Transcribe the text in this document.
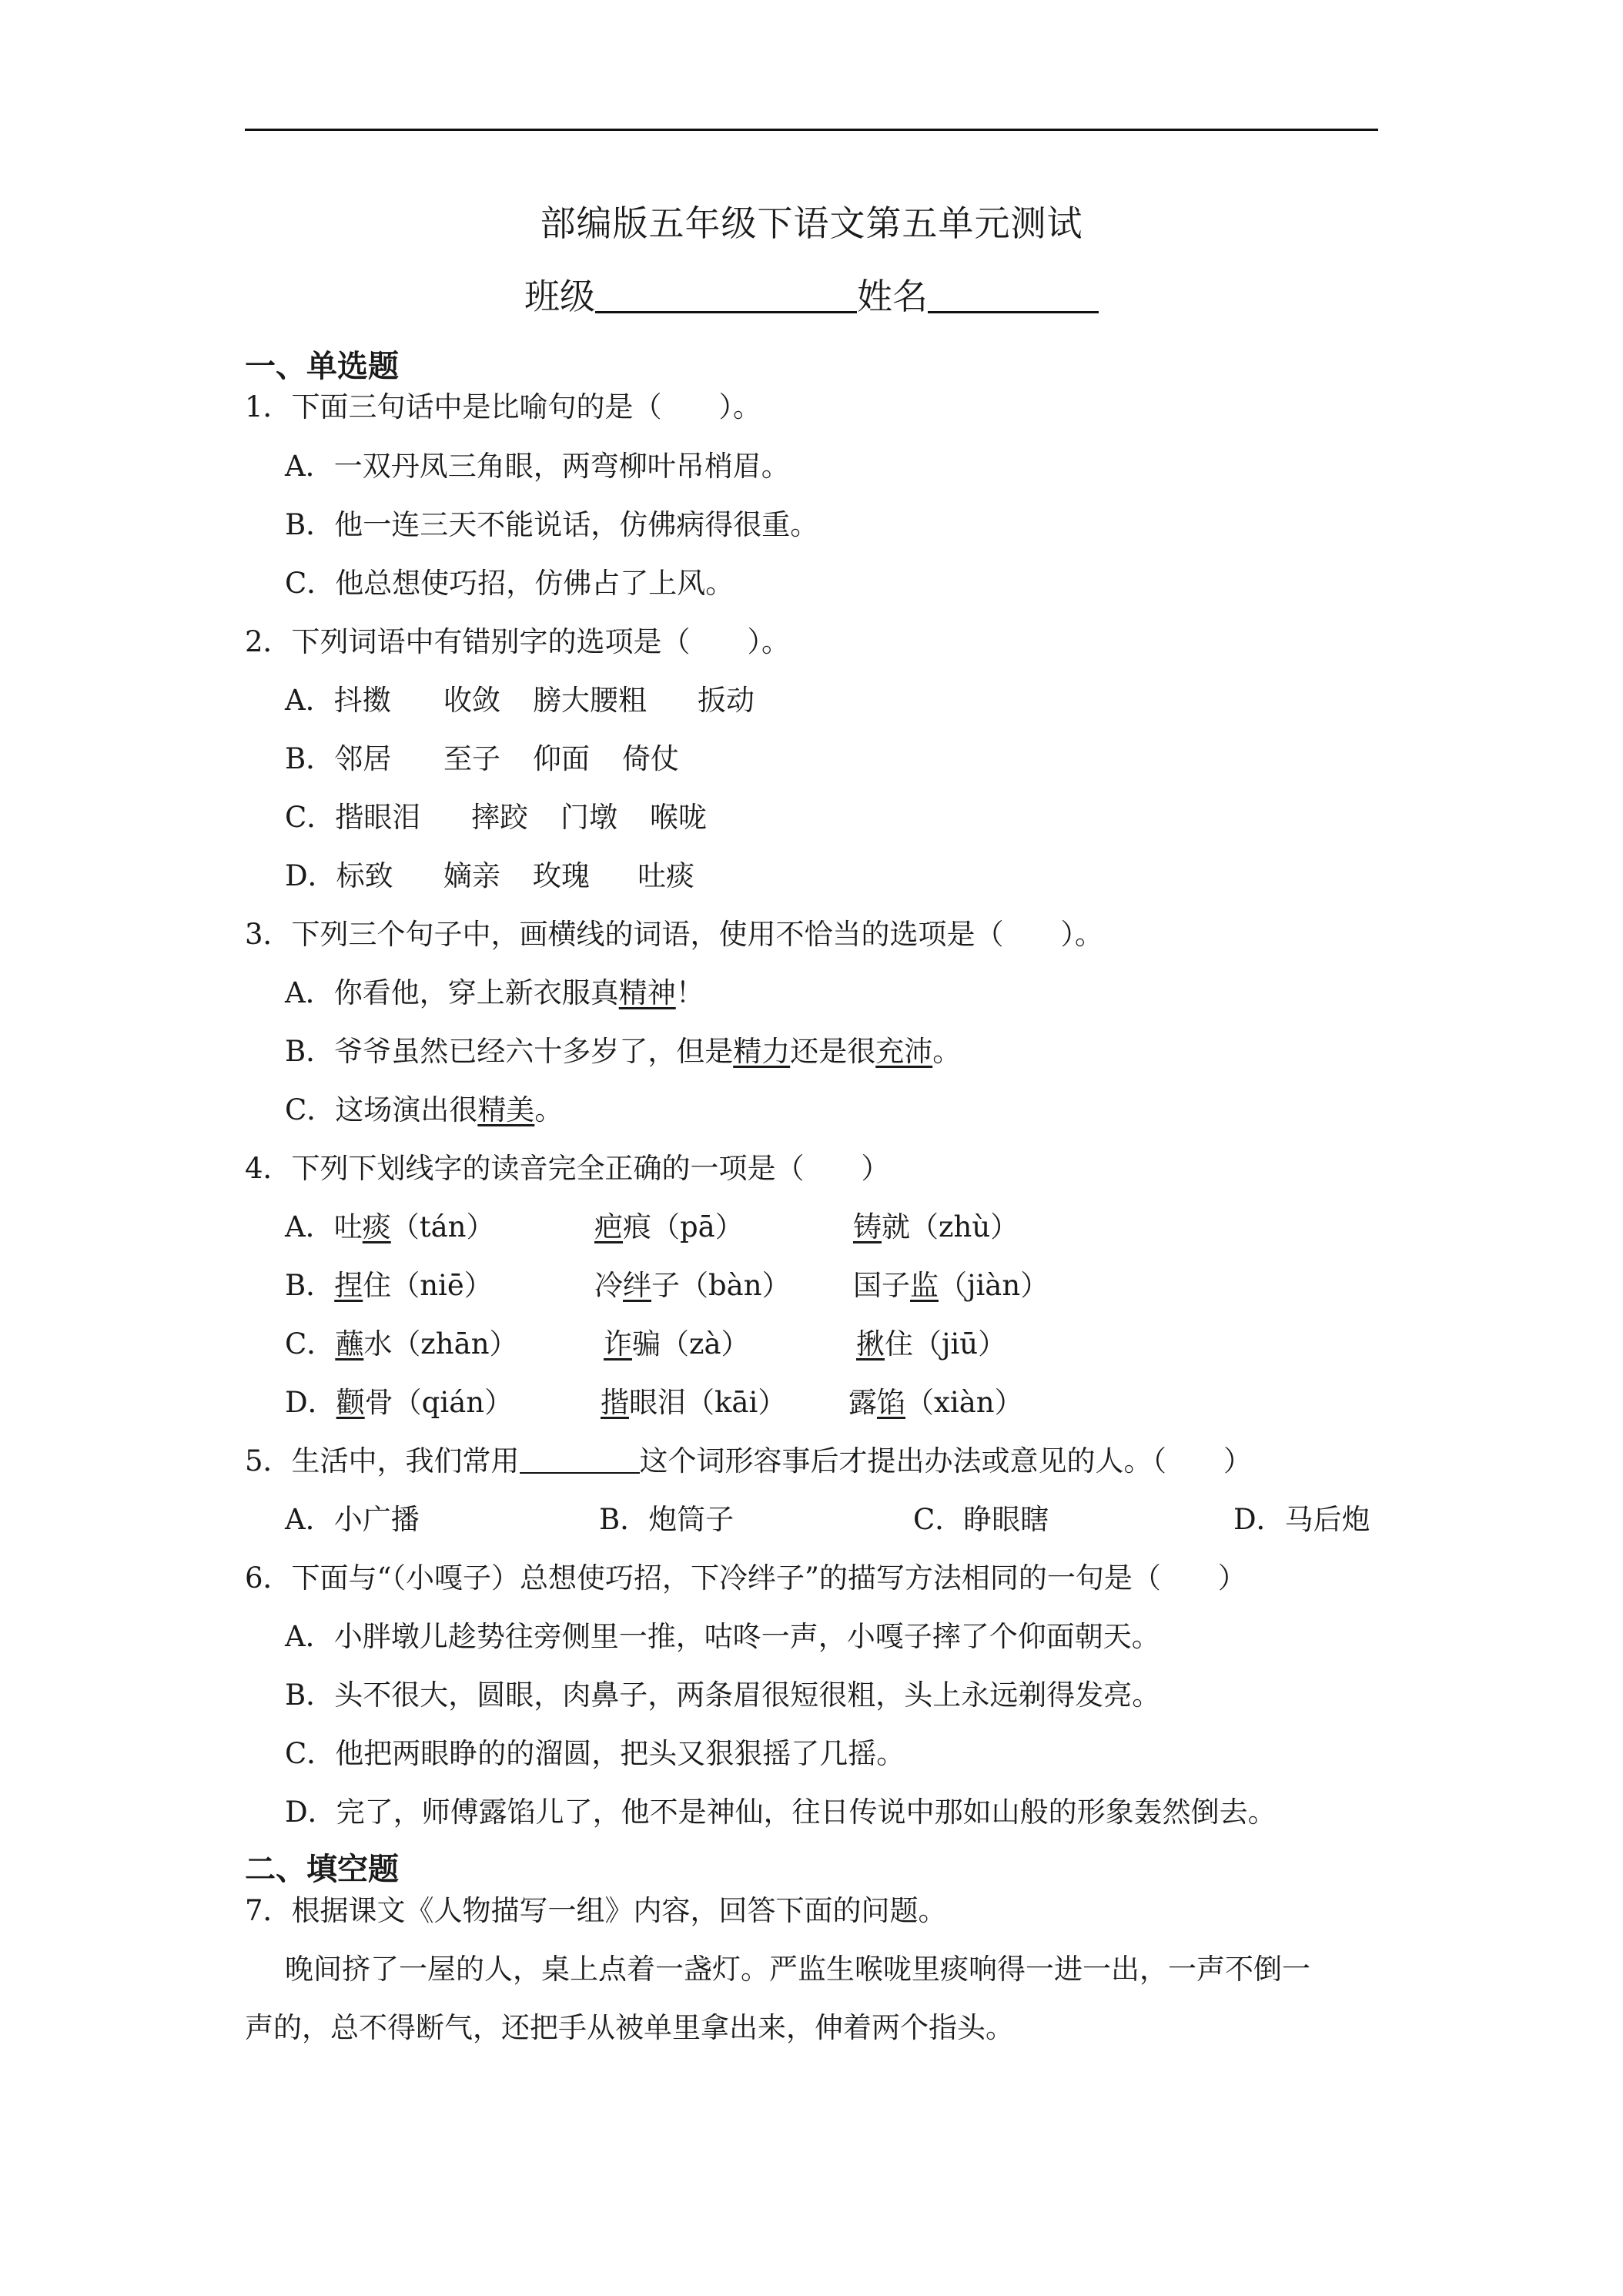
部编版五年级下语文第五单元测试
班级	姓名
一、单选题
1．下面三句话中是比喻句的是（　　）。
A．一双丹凤三角眼，两弯柳叶吊梢眉。
B．他一连三天不能说话，仿佛病得很重。
C．他总想使巧招，仿佛占了上风。
2．下列词语中有错别字的选项是（　　）。
A．抖擞 收敛 膀大腰粗 扳动
B．邻居 至子 仰面 倚仗
C．揩眼泪 摔跤 门墩 喉咙
D．标致 嫡亲 玫瑰 吐痰
3．下列三个句子中，画横线的词语，使用不恰当的选项是（　　）。
A．你看他，穿上新衣服真精神！
B．爷爷虽然已经六十多岁了，但是精力还是很充沛。
C．这场演出很精美。
4．下列下划线字的读音完全正确的一项是（　　）
A．吐痰（tán）	疤痕（pā）	铸就（zhù）
B．捏住（niē）	冷绊子（bàn） 国子监（jiàn）
C．蘸水（zhān）	诈骗（zà）	揪住（jiū）
D．颧骨（qián）	揩眼泪（kāi） 露馅（xiàn）
5．生活中，我们常用	这个词形容事后才提出办法或意见的人。（　　）
A．小广播	B．炮筒子	C．睁眼瞎	D．马后炮
6．下面与“（小嘎子）总想使巧招，下冷绊子”的描写方法相同的一句是（　　）
A．小胖墩儿趁势往旁侧里一推，咕咚一声，小嘎子摔了个仰面朝天。
B．头不很大，圆眼，肉鼻子，两条眉很短很粗，头上永远剃得发亮。
C．他把两眼睁的的溜圆，把头又狠狠摇了几摇。
D．完了，师傅露馅儿了，他不是神仙，往日传说中那如山般的形象轰然倒去。
二、填空题
7．根据课文《人物描写一组》内容，回答下面的问题。
晚间挤了一屋的人，桌上点着一盏灯。严监生喉咙里痰响得一进一出，一声不倒一
声的，总不得断气，还把手从被单里拿出来，伸着两个指头。
